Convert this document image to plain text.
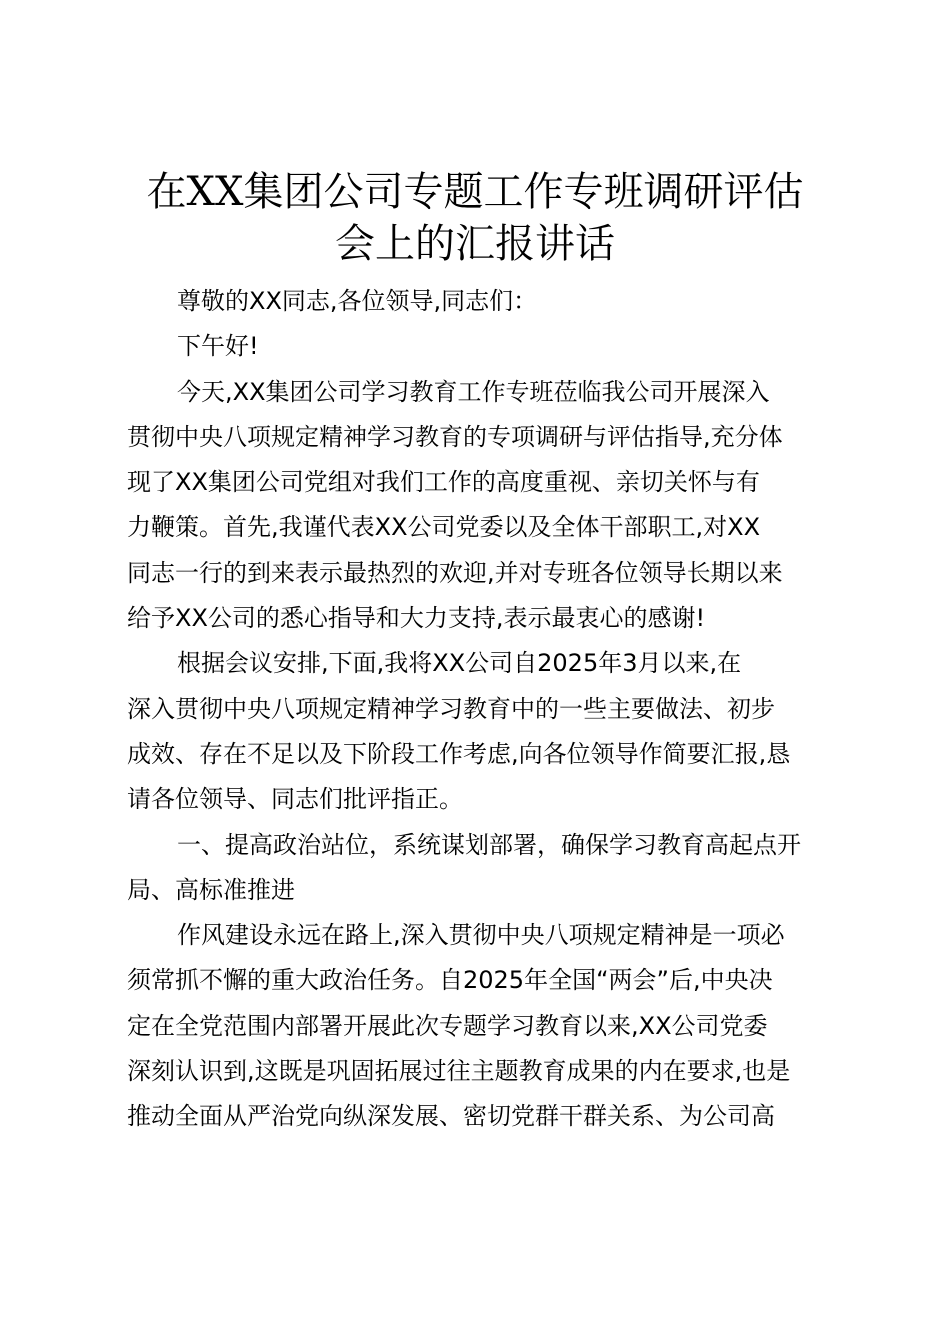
在XX集团公司专题工作专班调研评估
会上的汇报讲话
尊敬的XX同志,各位领导,同志们：
下午好!
今天,XX集团公司学习教育工作专班莅临我公司开展深入
贯彻中央八项规定精神学习教育的专项调研与评估指导,充分体
现了XX集团公司党组对我们工作的高度重视、亲切关怀与有
力鞭策。首先,我谨代表XX公司党委以及全体干部职工,对XX
同志一行的到来表示最热烈的欢迎,并对专班各位领导长期以来
给予XX公司的悉心指导和大力支持,表示最衷心的感谢!
根据会议安排,下面,我将XX公司自2025年3月以来,在
深入贯彻中央八项规定精神学习教育中的一些主要做法、初步
成效、存在不足以及下阶段工作考虑,向各位领导作简要汇报,恳
请各位领导、同志们批评指正。
一、提高政治站位，系统谋划部署，确保学习教育高起点开
局、高标准推进
作风建设永远在路上,深入贯彻中央八项规定精神是一项必
须常抓不懈的重大政治任务。自2025年全国“两会”后,中央决
定在全党范围内部署开展此次专题学习教育以来,XX公司党委
深刻认识到,这既是巩固拓展过往主题教育成果的内在要求,也是
推动全面从严治党向纵深发展、密切党群干群关系、为公司高
